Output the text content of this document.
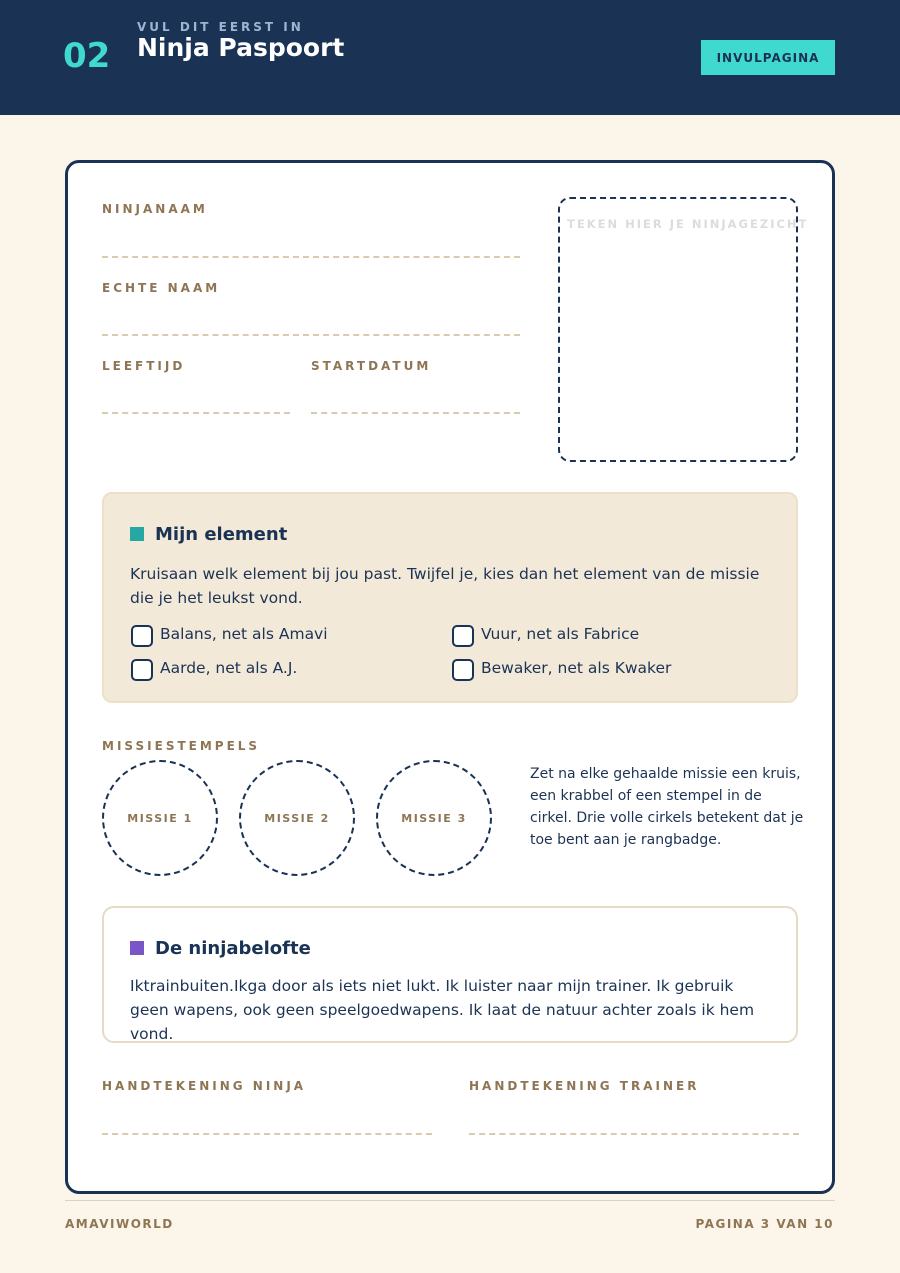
02
VUL DIT EERST IN
Ninja Paspoort	INVULPAGINA
NINJANAAM
ECHTE NAAM
LEEFTIJD	STARTDATUM
TEKEN HIER JE NINJAGEZICHT
Mijn element
Kruisaan welk element bij jou past. Twijfel je, kies dan het element van de missie die je het leukst vond.
Balans, net als Amavi	Vuur, net als Fabrice
Aarde, net als A.J.	Bewaker, net als Kwaker
MISSIESTEMPELS
MISSIE 1	MISSIE 2	MISSIE 3
Zet na elke gehaalde missie een kruis, een krabbel of een stempel in de cirkel. Drie volle cirkels betekent dat je toe bent aan je rangbadge.
De ninjabelofte
Iktrainbuiten.Ikga door als iets niet lukt. Ik luister naar mijn trainer. Ik gebruik geen wapens, ook geen speelgoedwapens. Ik laat de natuur achter zoals ik hem vond.
HANDTEKENING NINJA	HANDTEKENING TRAINER
AMAVIWORLD	PAGINA 3 VAN 10
